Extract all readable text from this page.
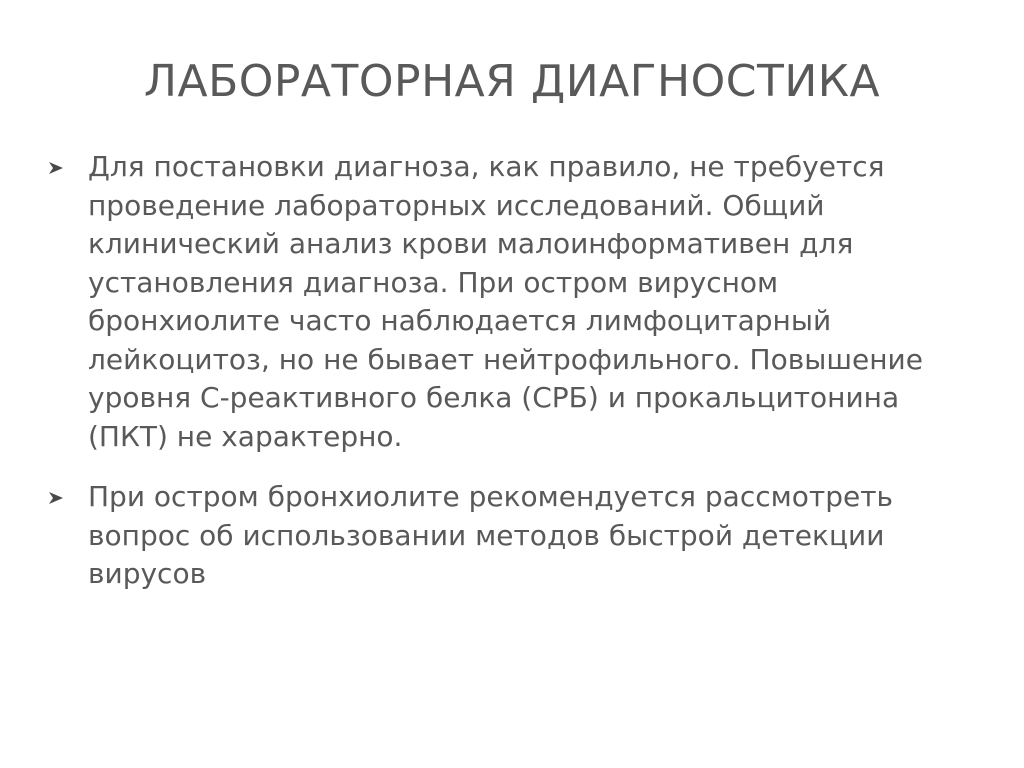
ЛАБОРАТОРНАЯ ДИАГНОСТИКА
Для постановки диагноза, как правило, не требуется проведение лабораторных исследований. Общий клинический анализ крови малоинформативен для установления диагноза. При остром вирусном бронхиолите часто наблюдается лимфоцитарный лейкоцитоз, но не бывает нейтрофильного. Повышение уровня С-реактивного белка (СРБ) и прокальцитонина (ПКТ) не характерно.
При остром бронхиолите рекомендуется рассмотреть вопрос об использовании методов быстрой детекции вирусов
